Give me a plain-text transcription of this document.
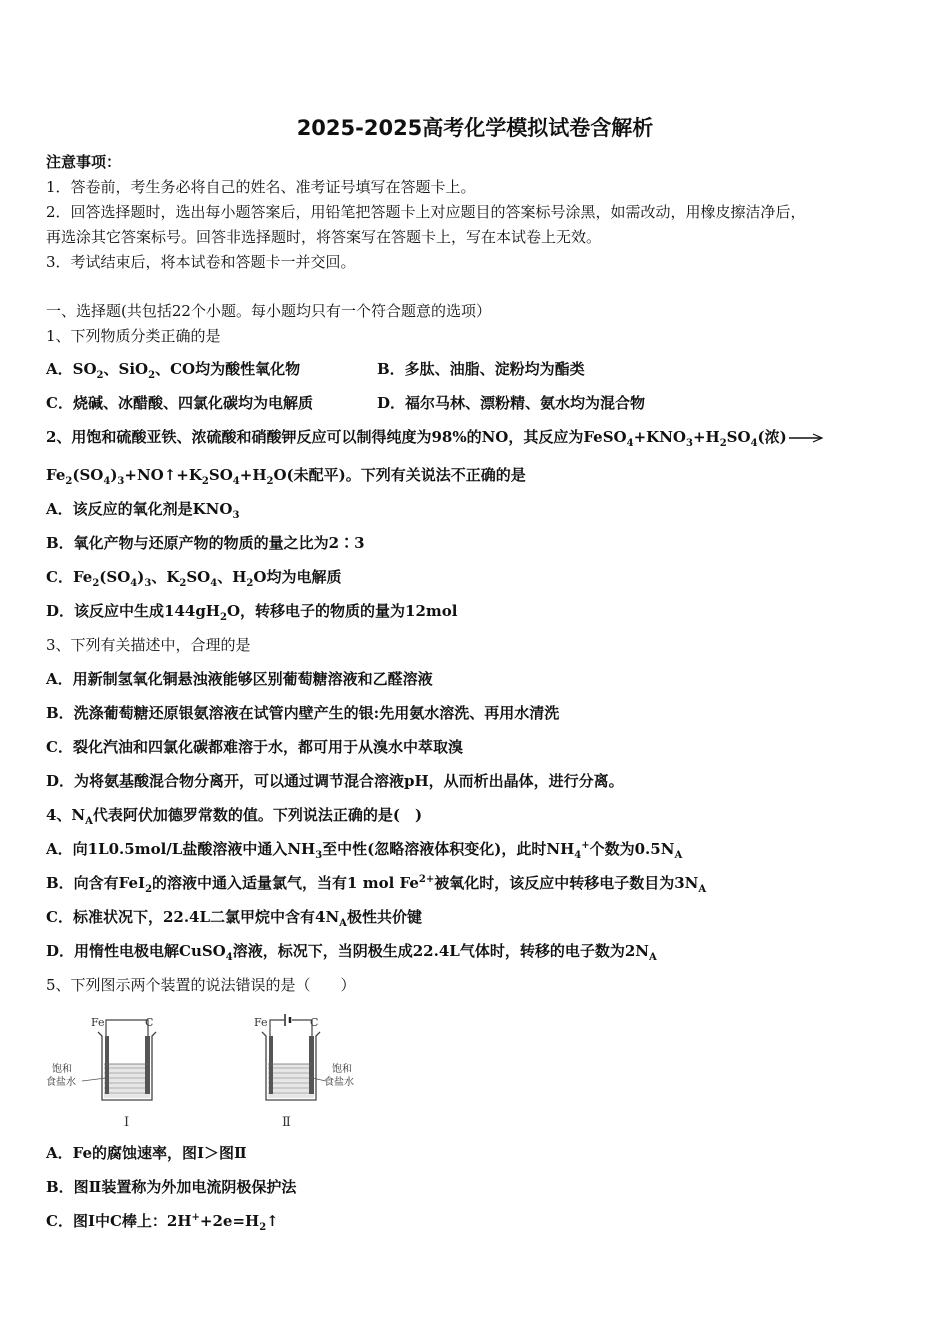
2025-2025高考化学模拟试卷含解析
注意事项：
1．答卷前，考生务必将自己的姓名、准考证号填写在答题卡上。
2．回答选择题时，选出每小题答案后，用铅笔把答题卡上对应题目的答案标号涂黑，如需改动，用橡皮擦洁净后，
再选涂其它答案标号。回答非选择题时，将答案写在答题卡上，写在本试卷上无效。
3．考试结束后，将本试卷和答题卡一并交回。
一、选择题(共包括22个小题。每小题均只有一个符合题意的选项）
1、下列物质分类正确的是
A．$SO_2$、SiO$_2$、CO均为酸性氧化物	B．多肽、油脂、淀粉均为酯类
C．烧碱、冰醋酸、四氯化碳均为电解质	D．福尔马林、漂粉精、氨水均为混合物
2、用饱和硫酸亚铁、浓硫酸和硝酸钾反应可以制得纯度为98%的NO，其反应为$FeSO_4+KNO_3+H_2SO_4$(浓) →
$Fe_2(SO_4)_3+NO↑+K_2SO_4+H_2O$(未配平)。下列有关说法不正确的是
A．该反应的氧化剂是$KNO_3$
B．氧化产物与还原产物的物质的量之比为2∶3
C．$Fe_2(SO_4)_3$、$K_2SO_4$、$H_2O$均为电解质
D．该反应中生成$144gH_2O$，转移电子的物质的量为12mol
3、下列有关描述中，合理的是
A．用新制氢氧化铜悬浊液能够区别葡萄糖溶液和乙醛溶液
B．洗涤葡萄糖还原银氨溶液在试管内壁产生的银:先用氨水溶洗、再用水清洗
C．裂化汽油和四氯化碳都难溶于水，都可用于从溴水中萃取溴
D．为将氨基酸混合物分离开，可以通过调节混合溶液pH，从而析出晶体，进行分离。
4、$N_A$代表阿伏加德罗常数的值。下列说法正确的是(　)
A．向1L0.5mol/L盐酸溶液中通入$NH_3$至中性(忽略溶液体积变化)，此时$NH_4^+$个数为$0.5N_A$
B．向含有FeI$_2$的溶液中通入适量氯气，当有1 mol $Fe^{2+}$被氧化时，该反应中转移电子数目为$3N_A$
C．标准状况下，22.4L二氯甲烷中含有$4N_A$极性共价键
D．用惰性电极电解CuSO$_4$溶液，标况下，当阴极生成22.4L气体时，转移的电子数为$2N_A$
5、下列图示两个装置的说法错误的是（　　）
Fe	C
饱和
食盐水
Ⅰ
Fe	C
饱和
食盐水
Ⅱ
A．Fe的腐蚀速率，图Ⅰ＞图Ⅱ
B．图Ⅱ装置称为外加电流阴极保护法
C．图Ⅰ中C棒上：$2H^++2e=H_2↑$
